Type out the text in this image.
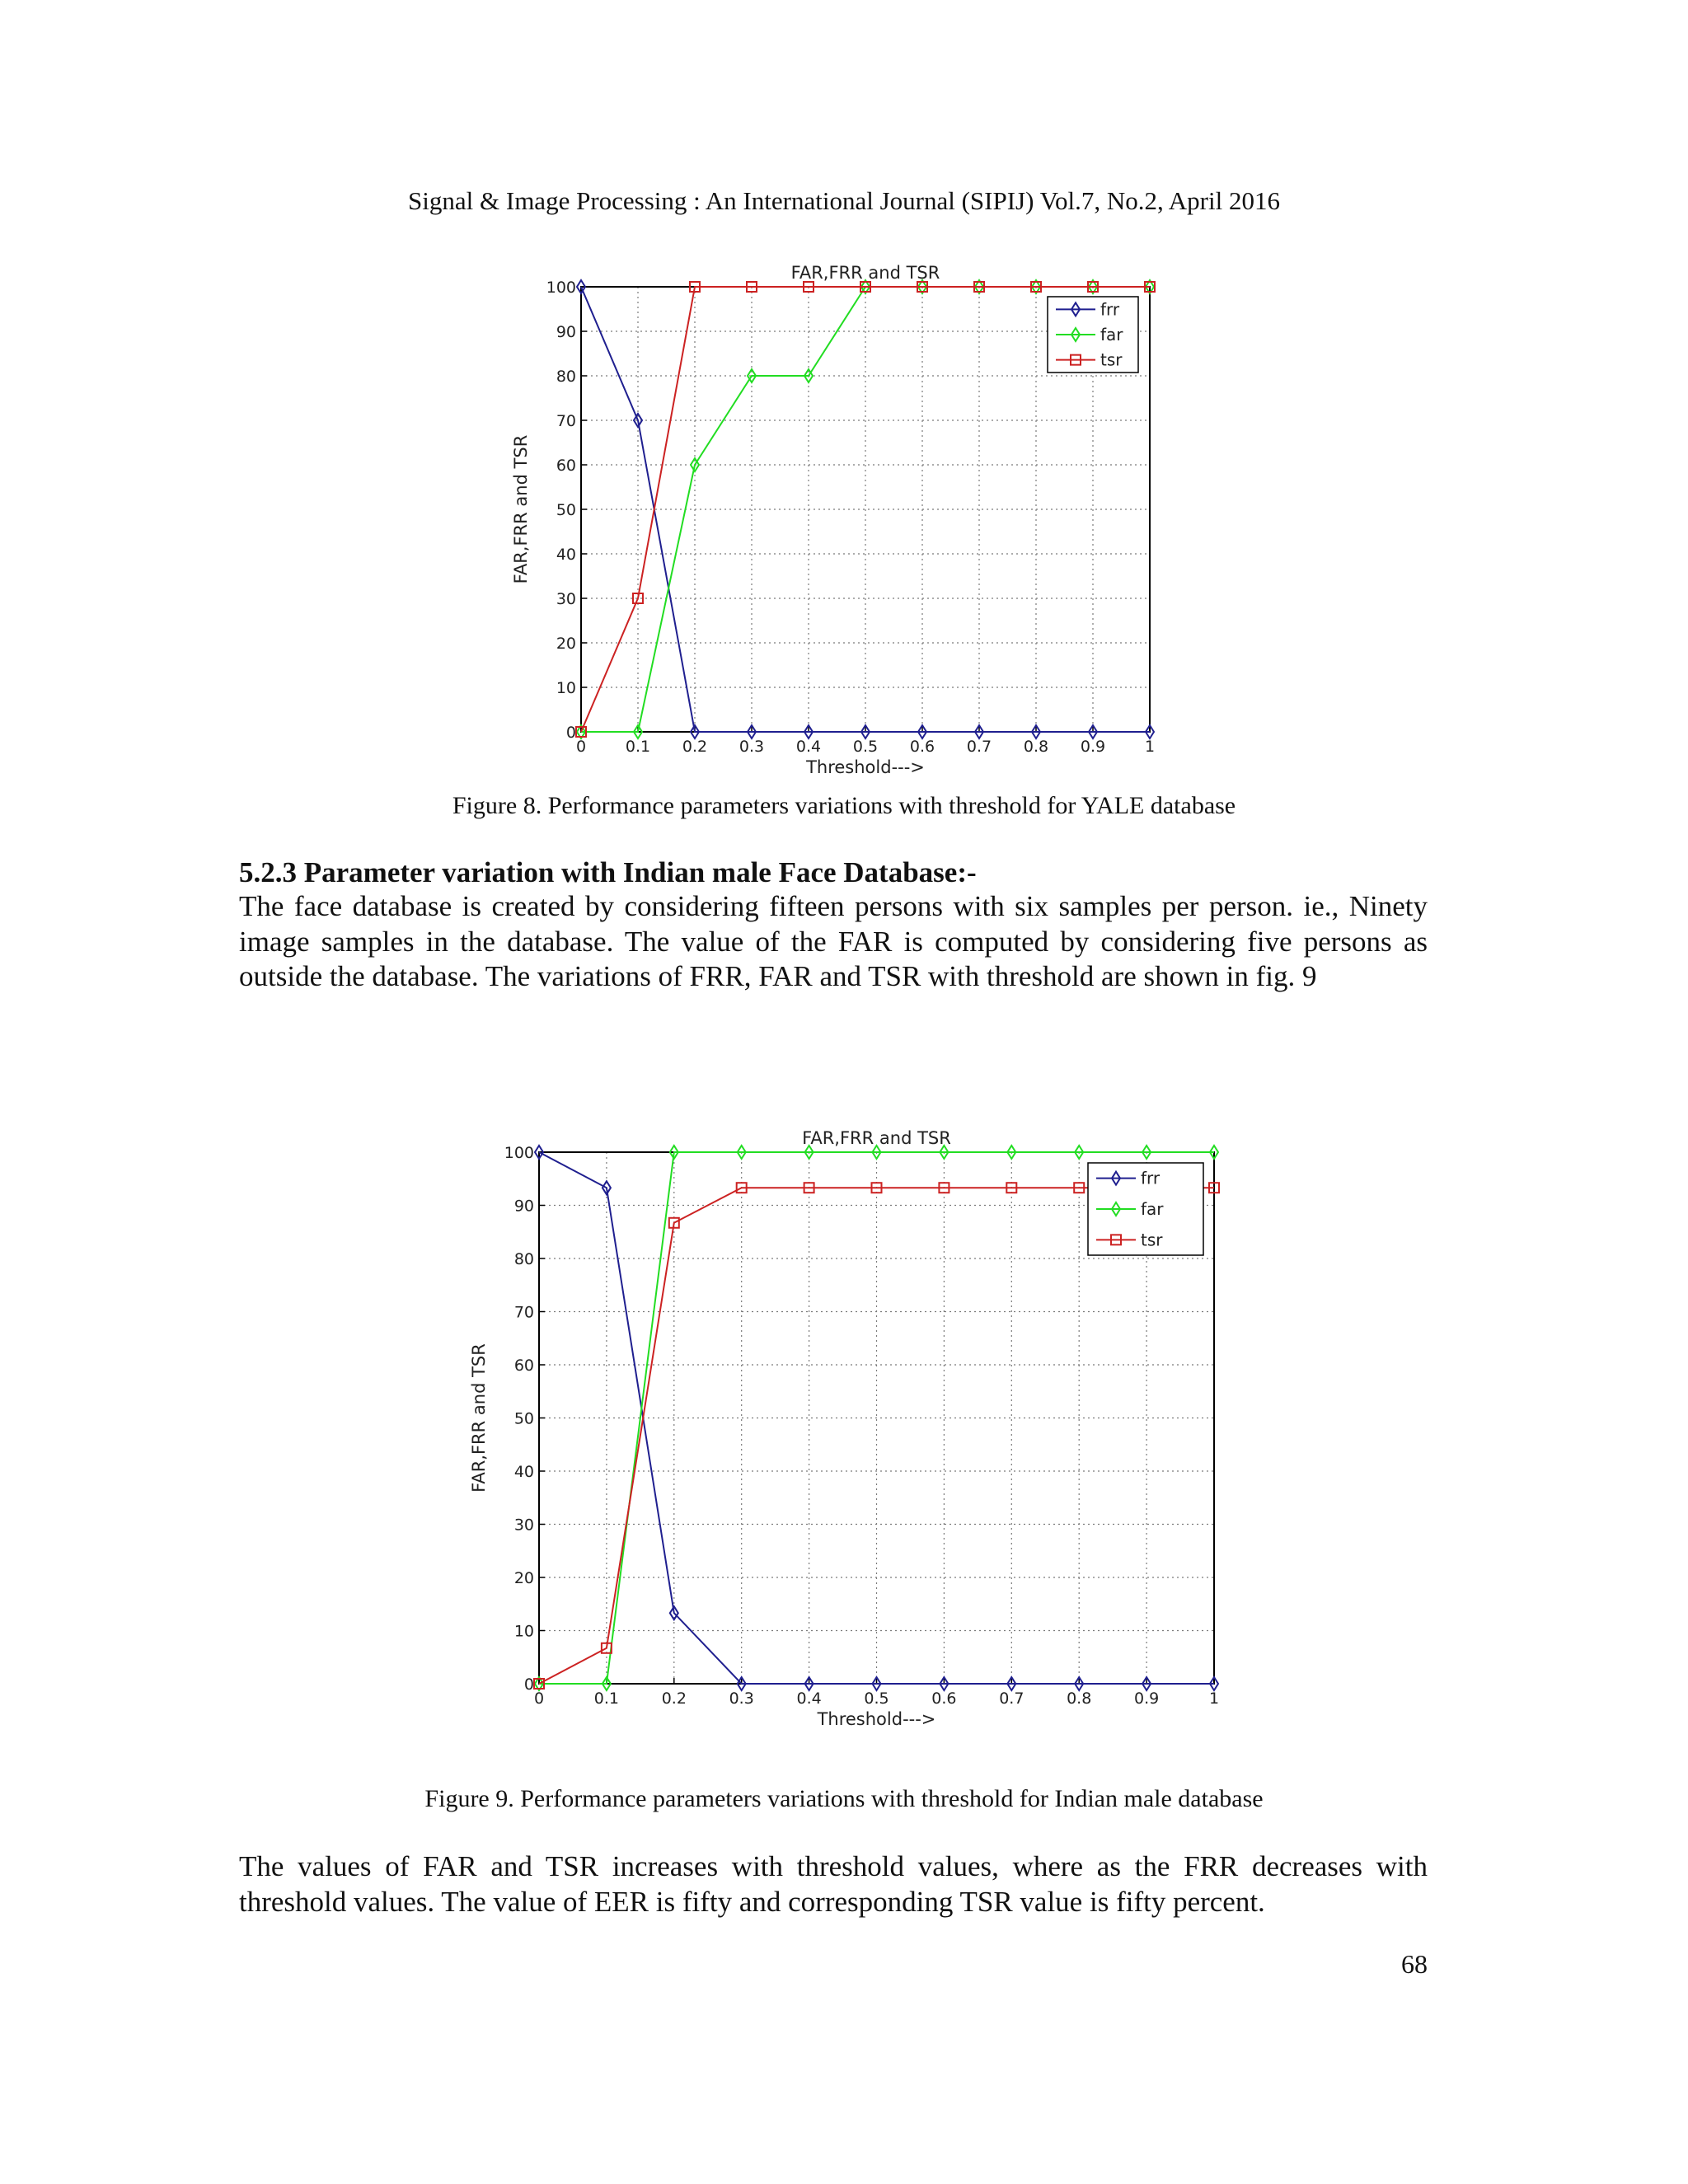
Signal & Image Processing : An International Journal (SIPIJ) Vol.7, No.2, April 2016
0	0.1 0.2 0.3 0.4 0.5 0.6 0.7 0.8 0.9	1
0
10
20
30
40
50
60
70
80
90
100
FAR,FRR and TSR
Threshold--->
FAR,FRR and TSR
frr
far
tsr
Figure 8. Performance parameters variations with threshold for YALE database
5.2.3 Parameter variation with Indian male Face Database:-

The face database is created by considering fifteen persons with six samples per person. ie., Ninety image samples in the database. The value of the FAR is computed by considering five persons as outside the database. The variations of FRR, FAR and TSR with threshold are shown in fig. 9

0	0.1	0.2	0.3	0.4	0.5	0.6	0.7	0.8	0.9	1
0
10
20
30
40
50
60
70
80
90
100
FAR,FRR and TSR
Threshold--->
FAR,FRR and TSR
frr
far
tsr
Figure 9. Performance parameters variations with threshold for Indian male database

The values of FAR and TSR increases with threshold values, where as the FRR decreases with threshold values. The value of EER is fifty and corresponding TSR value is fifty percent.

68
